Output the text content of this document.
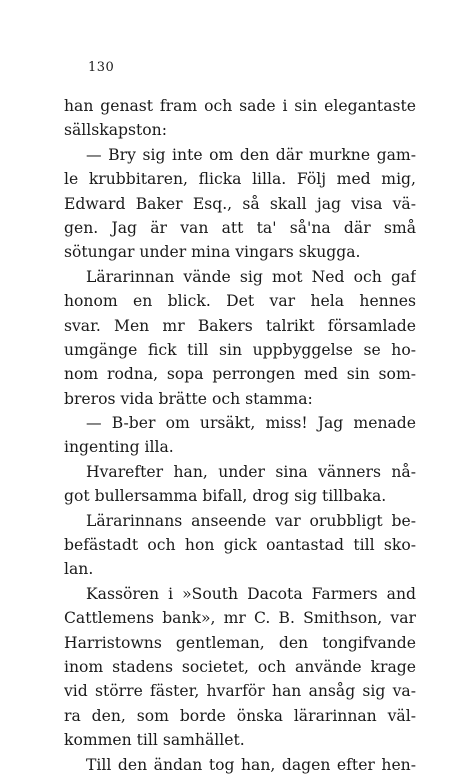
130
han genast fram och sade i sin elegantaste
sällskapston:
— Bry sig inte om den där murkne gam-
le krubbitaren, flicka lilla. Följ med mig,
Edward Baker Esq., så skall jag visa vä-
gen. Jag är van att ta' så'na där små
sötungar under mina vingars skugga.
Lärarinnan vände sig mot Ned och gaf
honom en blick. Det var hela hennes
svar. Men mr Bakers talrikt församlade
umgänge fick till sin uppbyggelse se ho-
nom rodna, sopa perrongen med sin som-
breros vida brätte och stamma:
— B-ber om ursäkt, miss! Jag menade
ingenting illa.
Hvarefter han, under sina vänners nå-
got bullersamma bifall, drog sig tillbaka.
Lärarinnans anseende var orubbligt be-
befästadt och hon gick oantastad till sko-
lan.
Kassören i »South Dacota Farmers and
Cattlemens bank», mr C. B. Smithson, var
Harristowns gentleman, den tongifvande
inom stadens societet, och använde krage
vid större fäster, hvarför han ansåg sig va-
ra den, som borde önska lärarinnan väl-
kommen till samhället.
Till den ändan tog han, dagen efter hen-
